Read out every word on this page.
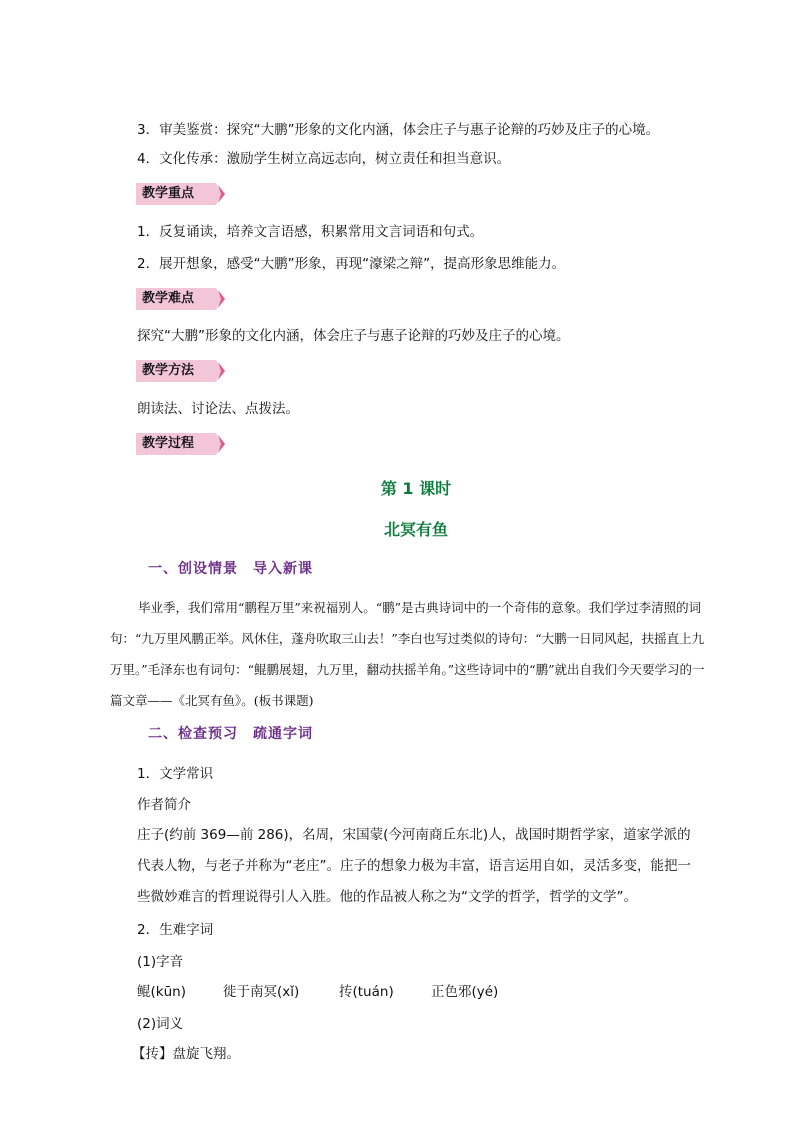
3．审美鉴赏：探究“大鹏”形象的文化内涵，体会庄子与惠子论辩的巧妙及庄子的心境。
4．文化传承：激励学生树立高远志向，树立责任和担当意识。
教学重点
1．反复诵读，培养文言语感，积累常用文言词语和句式。
2．展开想象，感受“大鹏”形象，再现“濠梁之辩”，提高形象思维能力。
教学难点
探究“大鹏”形象的文化内涵，体会庄子与惠子论辩的巧妙及庄子的心境。
教学方法
朗读法、讨论法、点拨法。
教学过程
第 1 课时
北冥有鱼
一、创设情景　导入新课

毕业季，我们常用“鹏程万里”来祝福别人。“鹏”是古典诗词中的一个奇伟的意象。我们学过李清照的词句：“九万里风鹏正举。风休住，蓬舟吹取三山去！”李白也写过类似的诗句：“大鹏一日同风起，扶摇直上九万里。”毛泽东也有词句：“鲲鹏展翅，九万里，翻动扶摇羊角。”这些诗词中的“鹏”就出自我们今天要学习的一篇文章——《北冥有鱼》。(板书课题)

二、检查预习　疏通字词
1．文学常识
作者简介

庄子(约前 369—前 286)，名周，宋国蒙(今河南商丘东北)人，战国时期哲学家，道家学派的代表人物，与老子并称为“老庄”。庄子的想象力极为丰富，语言运用自如，灵活多变，能把一些微妙难言的哲理说得引人入胜。他的作品被人称之为“文学的哲学，哲学的文学”。

2．生难字词
(1)字音
鲲(kūn)	徙于南冥(xǐ)	抟(tuán)	正色邪(yé)
(2)词义
【抟】盘旋飞翔。
